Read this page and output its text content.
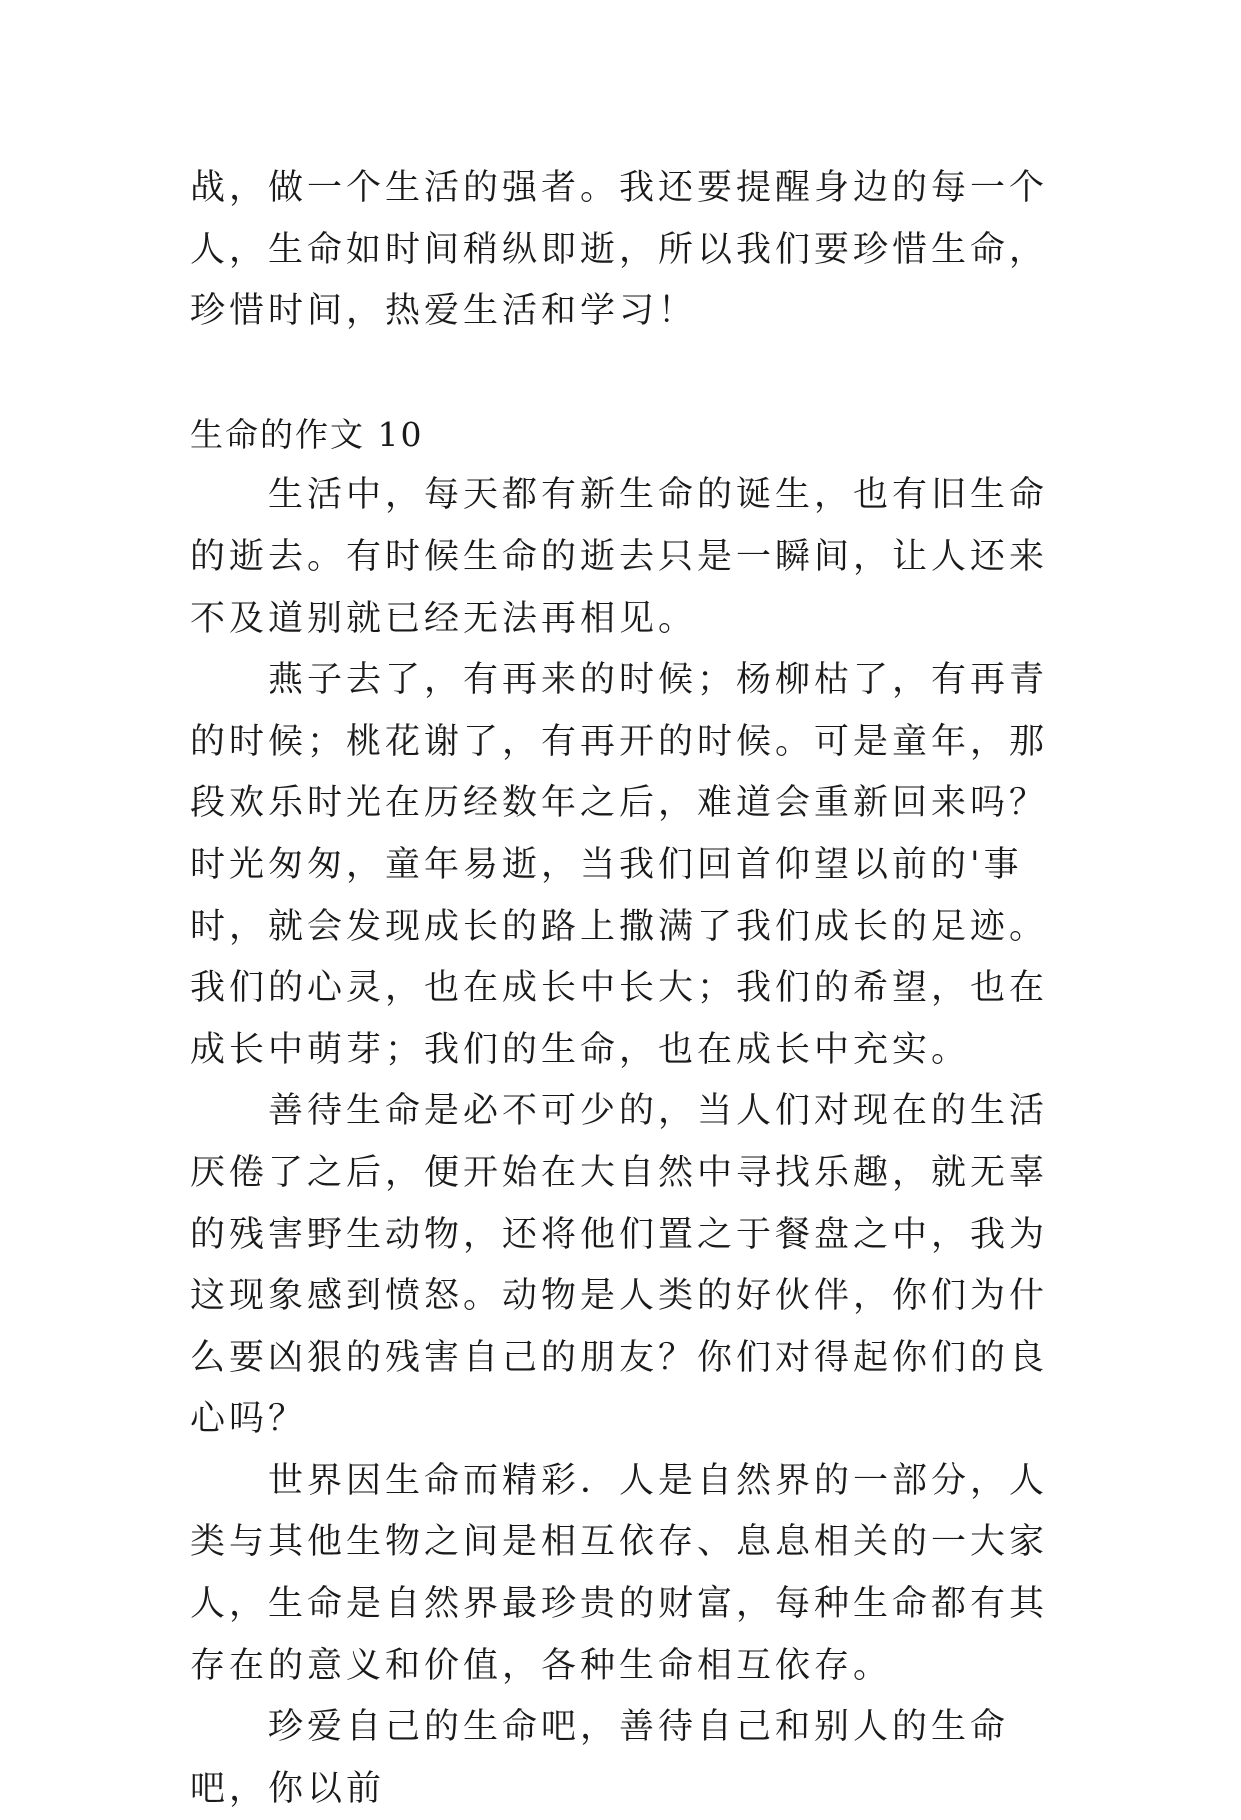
战，做一个生活的强者。我还要提醒身边的每一个人，生命如时间稍纵即逝，所以我们要珍惜生命，珍惜时间，热爱生活和学习！

生命的作文 10

生活中，每天都有新生命的诞生，也有旧生命的逝去。有时候生命的逝去只是一瞬间，让人还来不及道别就已经无法再相见。

燕子去了，有再来的时候；杨柳枯了，有再青的时候；桃花谢了，有再开的时候。可是童年，那段欢乐时光在历经数年之后，难道会重新回来吗？时光匆匆，童年易逝，当我们回首仰望以前的'事时，就会发现成长的路上撒满了我们成长的足迹。我们的心灵，也在成长中长大；我们的希望，也在成长中萌芽；我们的生命，也在成长中充实。

善待生命是必不可少的，当人们对现在的生活厌倦了之后，便开始在大自然中寻找乐趣，就无辜的残害野生动物，还将他们置之于餐盘之中，我为这现象感到愤怒。动物是人类的好伙伴，你们为什么要凶狠的残害自己的朋友？你们对得起你们的良心吗？

世界因生命而精彩．人是自然界的一部分，人类与其他生物之间是相互依存、息息相关的一大家人，生命是自然界最珍贵的财富，每种生命都有其存在的意义和价值，各种生命相互依存。

珍爱自己的生命吧，善待自己和别人的生命吧，你以前
